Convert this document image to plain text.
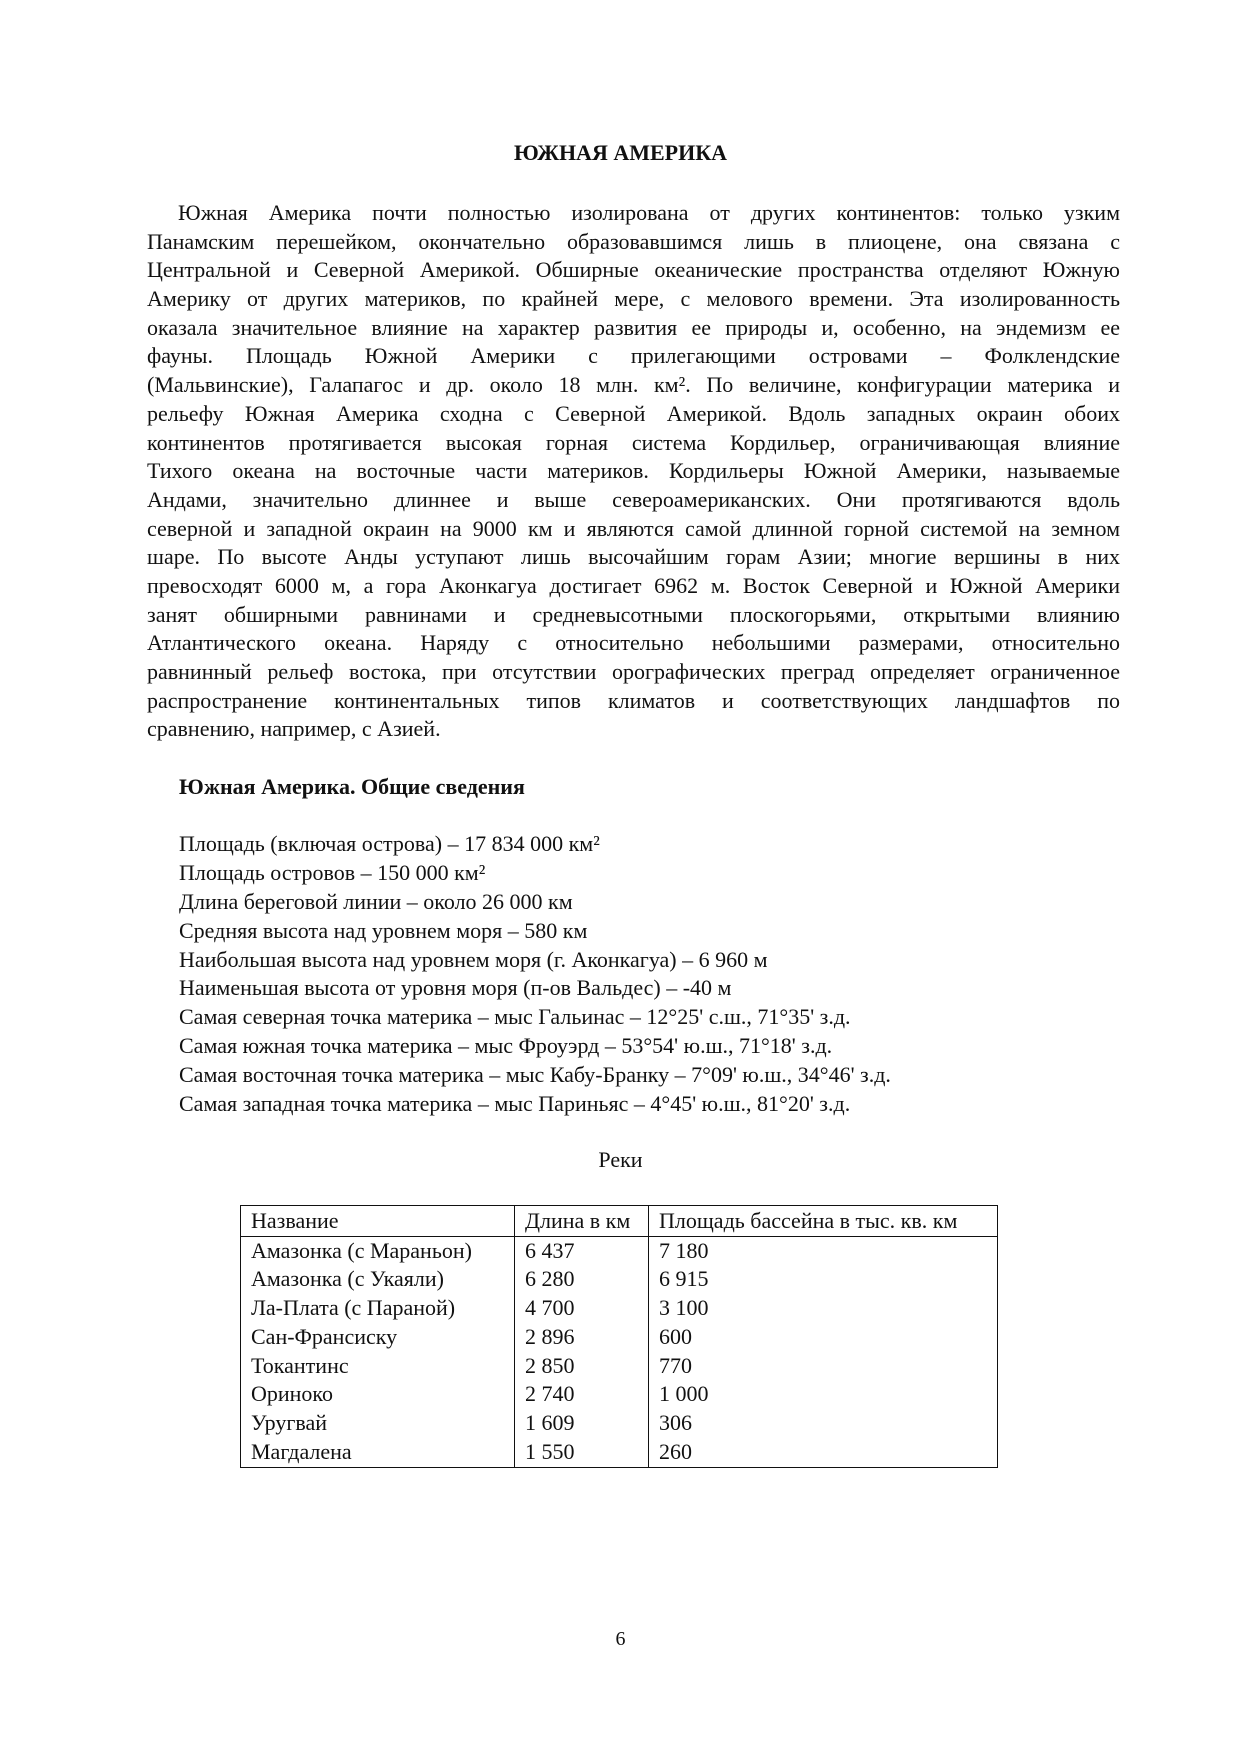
ЮЖНАЯ АМЕРИКА
Южная Америка почти полностью изолирована от других континентов: только узким
Панамским перешейком, окончательно образовавшимся лишь в плиоцене, она связана с
Центральной и Северной Америкой. Обширные океанические пространства отделяют Южную
Америку от других материков, по крайней мере, с мелового времени. Эта изолированность
оказала значительное влияние на характер развития ее природы и, особенно, на эндемизм ее
фауны. Площадь Южной Америки с прилегающими островами – Фолклендские
(Мальвинские), Галапагос и др. около 18 млн. км². По величине, конфигурации материка и
рельефу Южная Америка сходна с Северной Америкой. Вдоль западных окраин обоих
континентов протягивается высокая горная система Кордильер, ограничивающая влияние
Тихого океана на восточные части материков. Кордильеры Южной Америки, называемые
Андами, значительно длиннее и выше североамериканских. Они протягиваются вдоль
северной и западной окраин на 9000 км и являются самой длинной горной системой на земном
шаре. По высоте Анды уступают лишь высочайшим горам Азии; многие вершины в них
превосходят 6000 м, а гора Аконкагуа достигает 6962 м. Восток Северной и Южной Америки
занят обширными равнинами и средневысотными плоскогорьями, открытыми влиянию
Атлантического океана. Наряду с относительно небольшими размерами, относительно
равнинный рельеф востока, при отсутствии орографических преград определяет ограниченное
распространение континентальных типов климатов и соответствующих ландшафтов по
сравнению, например, с Азией.
Южная Америка. Общие сведения
Площадь (включая острова) – 17 834 000 км²
Площадь островов – 150 000 км²
Длина береговой линии – около 26 000 км
Средняя высота над уровнем моря – 580 км
Наибольшая высота над уровнем моря (г. Аконкагуа) – 6 960 м
Наименьшая высота от уровня моря (п-ов Вальдес) – -40 м
Самая северная точка материка – мыс Гальинас – 12°25' с.ш., 71°35' з.д.
Самая южная точка материка – мыс Фроуэрд – 53°54' ю.ш., 71°18' з.д.
Самая восточная точка материка – мыс Кабу-Бранку – 7°09' ю.ш., 34°46' з.д.
Самая западная точка материка – мыс Париньяс – 4°45' ю.ш., 81°20' з.д.
Реки
Название	Длина в км	Площадь бассейна в тыс. кв. км
Амазонка (с Мараньон)	6 437	7 180
Амазонка (с Укаяли)	6 280	6 915
Ла-Плата (с Параной)	4 700	3 100
Сан-Франсиску	2 896	600
Токантинс	2 850	770
Ориноко	2 740	1 000
Уругвай	1 609	306
Магдалена	1 550	260
6
